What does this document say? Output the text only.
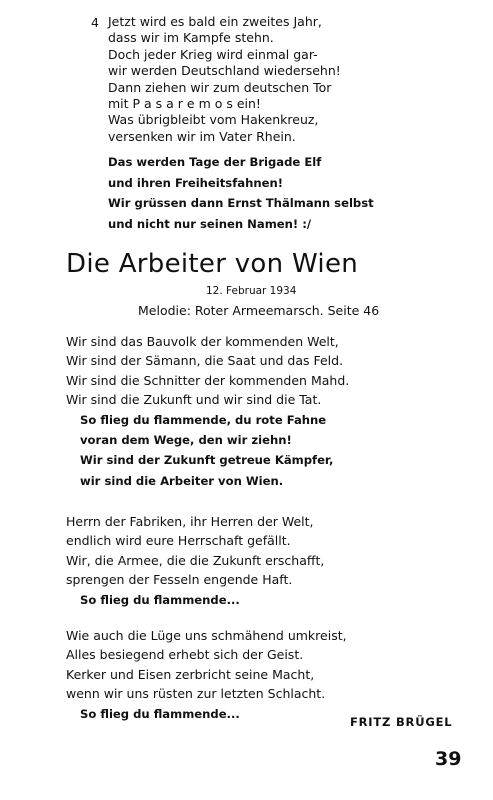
4 Jetzt wird es bald ein zweites Jahr,
dass wir im Kampfe stehn.
Doch jeder Krieg wird einmal gar-
wir werden Deutschland wiedersehn!
Dann ziehen wir zum deutschen Tor
mit P a s a r e m o s ein!
Was übrigbleibt vom Hakenkreuz,
versenken wir im Vater Rhein.
Das werden Tage der Brigade Elf
und ihren Freiheitsfahnen!
Wir grüssen dann Ernst Thälmann selbst
und nicht nur seinen Namen! :/
Die Arbeiter von Wien
12. Februar 1934
Melodie: Roter Armeemarsch. Seite 46
Wir sind das Bauvolk der kommenden Welt,
Wir sind der Sämann, die Saat und das Feld.
Wir sind die Schnitter der kommenden Mahd.
Wir sind die Zukunft und wir sind die Tat.
So flieg du flammende, du rote Fahne
voran dem Wege, den wir ziehn!
Wir sind der Zukunft getreue Kämpfer,
wir sind die Arbeiter von Wien.
Herrn der Fabriken, ihr Herren der Welt,
endlich wird eure Herrschaft gefällt.
Wir, die Armee, die die Zukunft erschafft,
sprengen der Fesseln engende Haft.
So flieg du flammende...
Wie auch die Lüge uns schmähend umkreist,
Alles besiegend erhebt sich der Geist.
Kerker und Eisen zerbricht seine Macht,
wenn wir uns rüsten zur letzten Schlacht.
So flieg du flammende...
FRITZ BRÜGEL
39
